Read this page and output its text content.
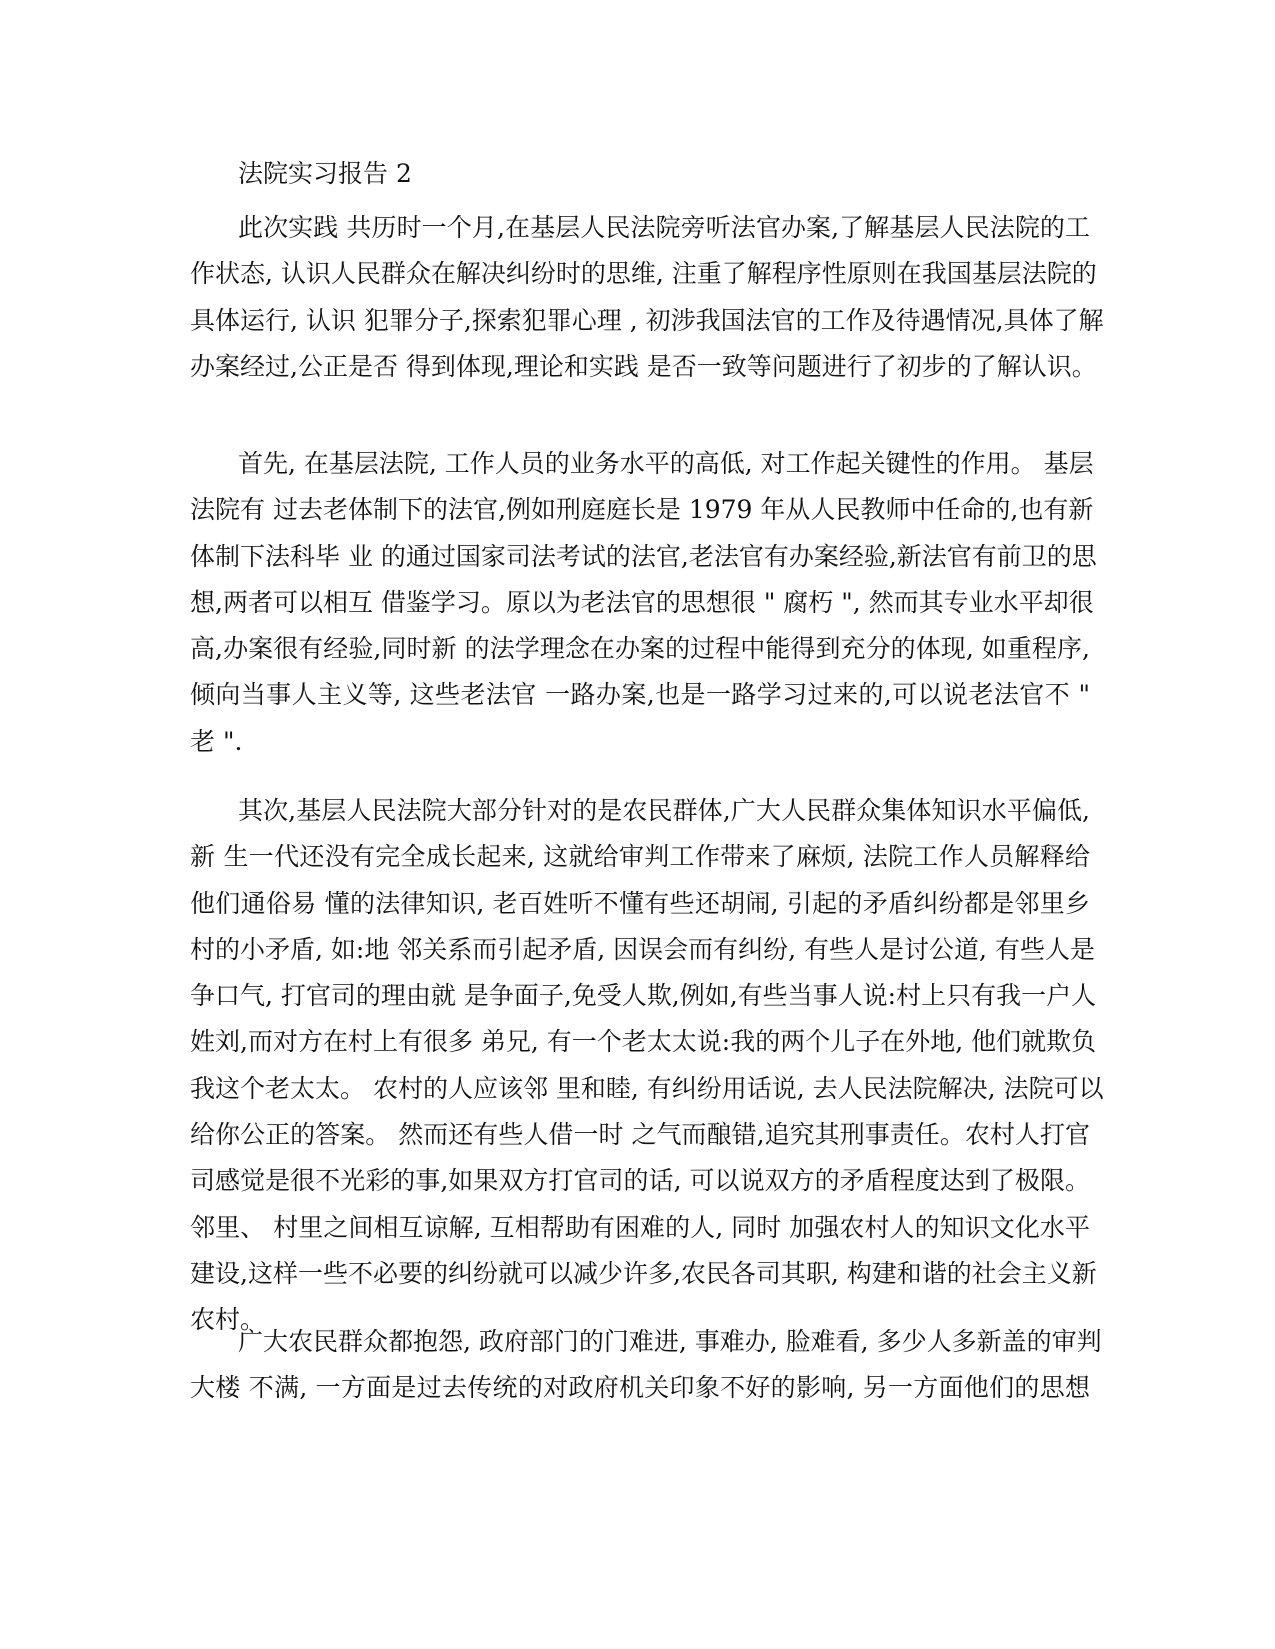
法院实习报告 2
此次实践 共历时一个月,在基层人民法院旁听法官办案,了解基层人民法院的工
作状态, 认识人民群众在解决纠纷时的思维, 注重了解程序性原则在我国基层法院的
具体运行, 认识 犯罪分子,探索犯罪心理 , 初涉我国法官的工作及待遇情况,具体了解
办案经过,公正是否 得到体现,理论和实践 是否一致等问题进行了初步的了解认识。
首先, 在基层法院, 工作人员的业务水平的高低, 对工作起关键性的作用。 基层
法院有 过去老体制下的法官,例如刑庭庭长是 1979 年从人民教师中任命的,也有新
体制下法科毕 业 的通过国家司法考试的法官,老法官有办案经验,新法官有前卫的思
想,两者可以相互 借鉴学习。原以为老法官的思想很 " 腐朽 ", 然而其专业水平却很
高,办案很有经验,同时新 的法学理念在办案的过程中能得到充分的体现, 如重程序,
倾向当事人主义等, 这些老法官 一路办案,也是一路学习过来的,可以说老法官不 "
老 ".
其次,基层人民法院大部分针对的是农民群体,广大人民群众集体知识水平偏低,
新 生一代还没有完全成长起来, 这就给审判工作带来了麻烦, 法院工作人员解释给
他们通俗易 懂的法律知识, 老百姓听不懂有些还胡闹, 引起的矛盾纠纷都是邻里乡
村的小矛盾, 如:地 邻关系而引起矛盾, 因误会而有纠纷, 有些人是讨公道, 有些人是
争口气, 打官司的理由就 是争面子,免受人欺,例如,有些当事人说:村上只有我一户人
姓刘,而对方在村上有很多 弟兄, 有一个老太太说:我的两个儿子在外地, 他们就欺负
我这个老太太。 农村的人应该邻 里和睦, 有纠纷用话说, 去人民法院解决, 法院可以
给你公正的答案。 然而还有些人借一时 之气而酿错,追究其刑事责任。农村人打官
司感觉是很不光彩的事,如果双方打官司的话, 可以说双方的矛盾程度达到了极限。
邻里、 村里之间相互谅解, 互相帮助有困难的人, 同时 加强农村人的知识文化水平
建设,这样一些不必要的纠纷就可以减少许多,农民各司其职, 构建和谐的社会主义新
农村。
广大农民群众都抱怨, 政府部门的门难进, 事难办, 脸难看, 多少人多新盖的审判
大楼 不满, 一方面是过去传统的对政府机关印象不好的影响, 另一方面他们的思想
